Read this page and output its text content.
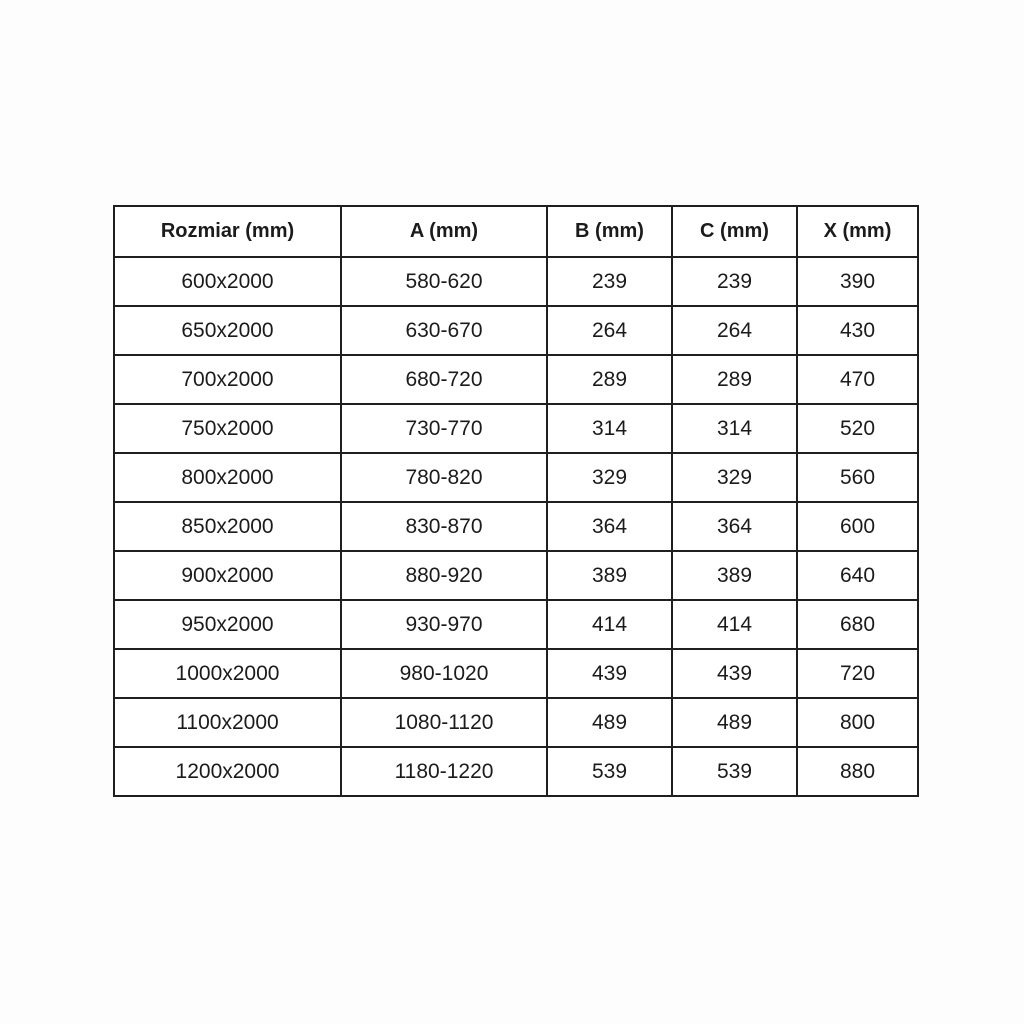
Rozmiar (mm)	A (mm)	B (mm)	C (mm)	X (mm)
600x2000	580-620	239	239	390
650x2000	630-670	264	264	430
700x2000	680-720	289	289	470
750x2000	730-770	314	314	520
800x2000	780-820	329	329	560
850x2000	830-870	364	364	600
900x2000	880-920	389	389	640
950x2000	930-970	414	414	680
1000x2000	980-1020	439	439	720
1100x2000	1080-1120	489	489	800
1200x2000	1180-1220	539	539	880
